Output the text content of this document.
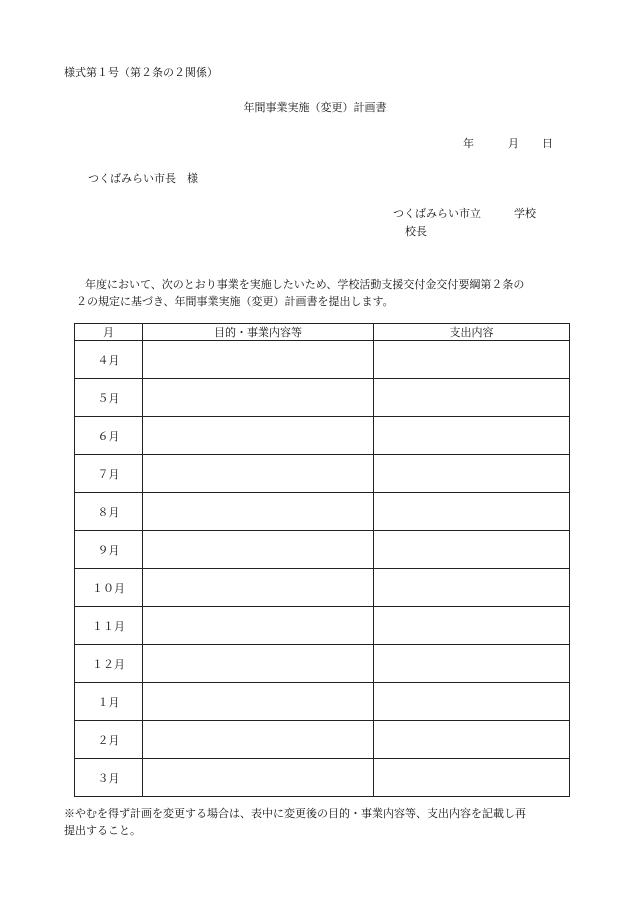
様式第１号（第２条の２関係）
年間事業実施（変更）計画書
年	月 日
つくばみらい市長　様
つくばみらい市立　　　学校
校長
年度において、次のとおり事業を実施したいため、学校活動支援交付金交付要綱第２条の
２の規定に基づき、年間事業実施（変更）計画書を提出します。
月	目的・事業内容等	支出内容
４月		
５月		
６月		
７月		
８月		
９月		
１０月		
１１月		
１２月		
１月		
２月		
３月		
※やむを得ず計画を変更する場合は、表中に変更後の目的・事業内容等、支出内容を記載し再
提出すること。
